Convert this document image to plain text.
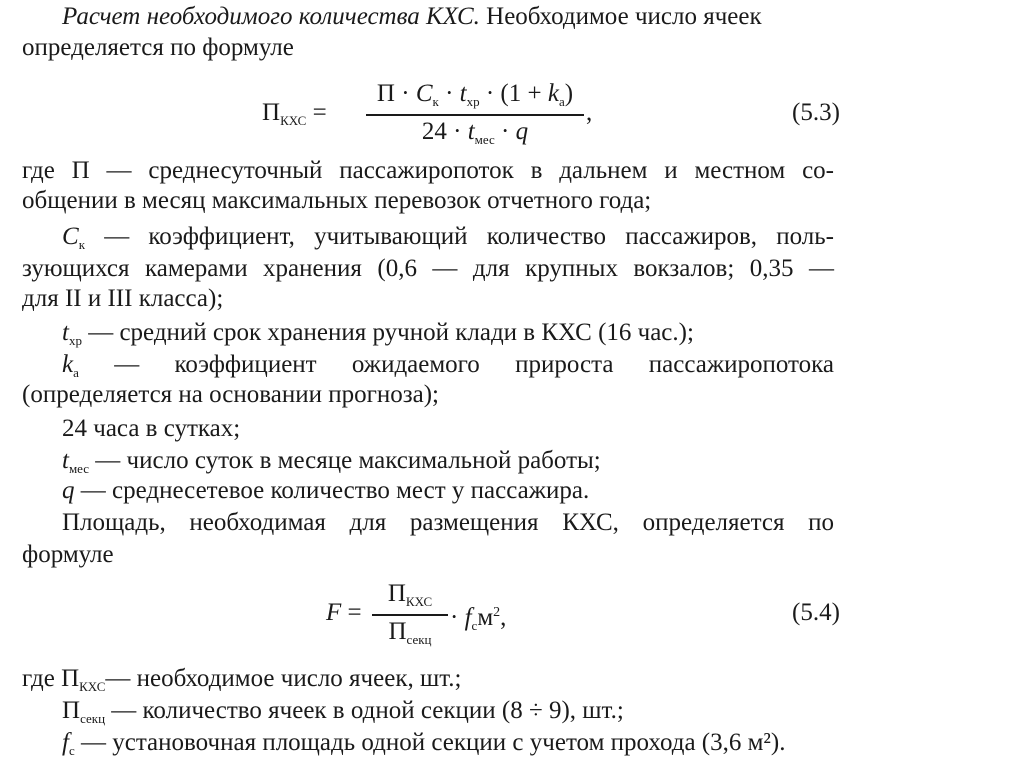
Расчет необходимого количества КХС. Необходимое число ячеек
определяется по формуле
$П_{КХС}$ =
$П \cdot C_к \cdot t_{хр} \cdot (1 + k_а)$
$24 \cdot t_{мес} \cdot q$
,	(5.3)
где П — среднесуточный пассажиропоток в дальнем и местном со-
общении в месяц максимальных перевозок отчетного года;
$C_к$ — коэффициент, учитывающий количество пассажиров, поль-
зующихся камерами хранения (0,6 — для крупных вокзалов; 0,35 —
для II и III класса);
$t_{хр}$ — средний срок хранения ручной клади в КХС (16 час.);
$k_а$ — коэффициент ожидаемого прироста пассажиропотока
(определяется на основании прогноза);
24 часа в сутках;
$t_{мес}$ — число суток в месяце максимальной работы;
q — среднесетевое количество мест у пассажира.
Площадь, необходимая для размещения КХС, определяется по
формуле
F =
$П_{КХС}$
$П_{секц}$
· $f_см^2$,	(5.4)
где $П_{КХС}—$ необходимое число ячеек, шт.;
$П_{секц}$ — количество ячеек в одной секции (8 ÷ 9), шт.;
$f_с$ — установочная площадь одной секции с учетом прохода (3,6 м²).
